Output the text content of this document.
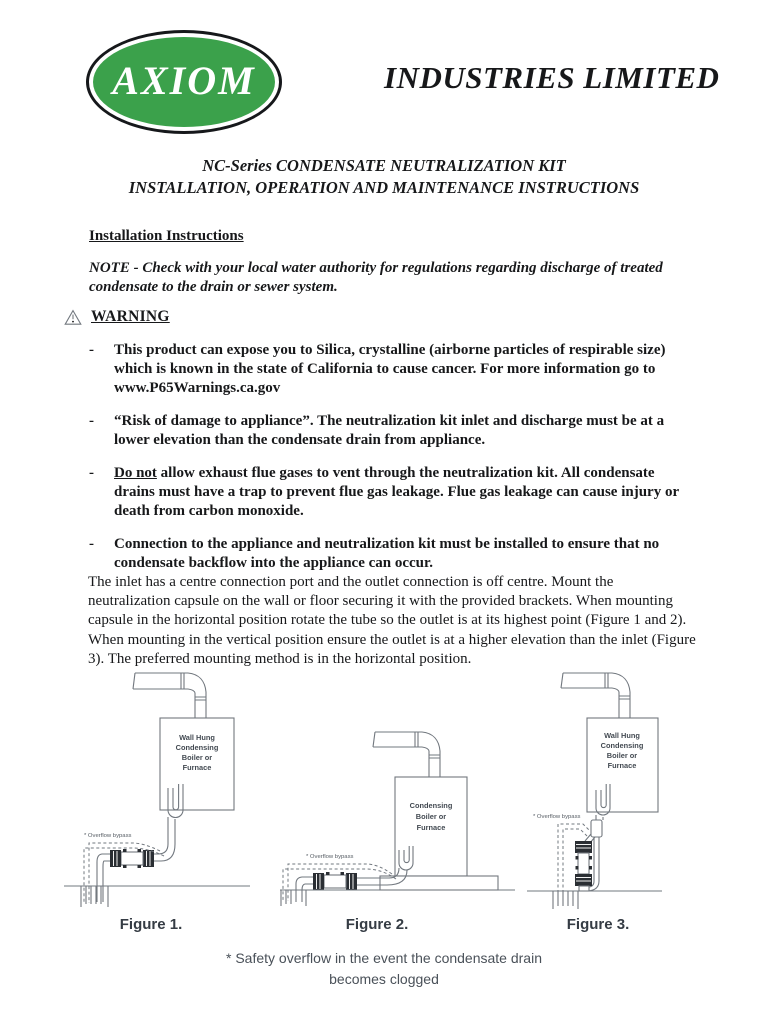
AXIOM	INDUSTRIES LIMITED
NC-Series CONDENSATE NEUTRALIZATION KIT
INSTALLATION, OPERATION AND MAINTENANCE INSTRUCTIONS
Installation Instructions
NOTE - Check with your local water authority for regulations regarding discharge of treated condensate to the drain or sewer system.
WARNING
-	This product can expose you to Silica, crystalline (airborne particles of respirable size) which is known in the state of California to cause cancer. For more information go to www.P65Warnings.ca.gov

-	“Risk of damage to appliance”. The neutralization kit inlet and discharge must be at a lower elevation than the condensate drain from appliance.

-	Do not allow exhaust flue gases to vent through the neutralization kit. All condensate drains must have a trap to prevent flue gas leakage. Flue gas leakage can cause injury or death from carbon monoxide.

-	Connection to the appliance and neutralization kit must be installed to ensure that no condensate backflow into the appliance can occur.

The inlet has a centre connection port and the outlet connection is off centre. Mount the neutralization capsule on the wall or floor securing it with the provided brackets. When mounting capsule in the horizontal position rotate the tube so the outlet is at its highest point (Figure 1 and 2). When mounting in the vertical position ensure the outlet is at a higher elevation than the inlet (Figure 3). The preferred mounting method is in the horizontal position.
Wall Hung
Condensing
Boiler or
Furnace
* Overflow bypass
Condensing
Boiler or
Furnace
* Overflow bypass
Wall Hung
Condensing
Boiler or
Furnace
* Overflow bypass
Figure 1.	Figure 2.	Figure 3.
* Safety overflow in the event the condensate drain
becomes clogged
